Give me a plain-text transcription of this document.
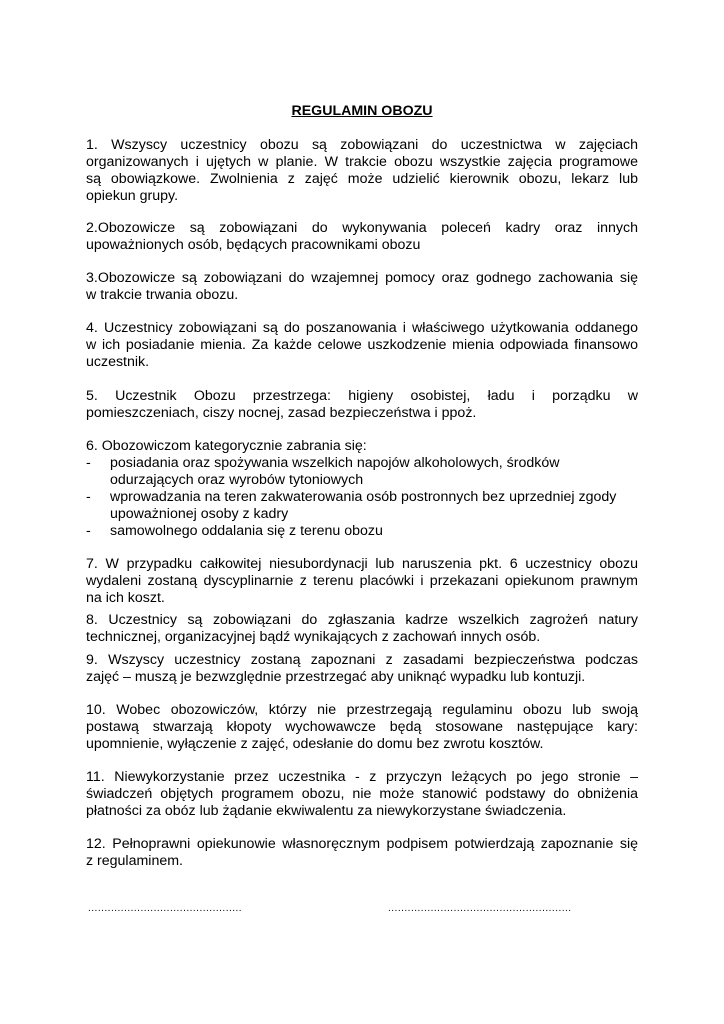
REGULAMIN OBOZU
1. Wszyscy uczestnicy obozu są zobowiązani do uczestnictwa w zajęciach
organizowanych i ujętych w planie. W trakcie obozu wszystkie zajęcia programowe
są obowiązkowe. Zwolnienia z zajęć może udzielić kierownik obozu, lekarz lub
opiekun grupy.
2.Obozowicze są zobowiązani do wykonywania poleceń kadry oraz innych
upoważnionych osób, będących pracownikami obozu
3.Obozowicze są zobowiązani do wzajemnej pomocy oraz godnego zachowania się
w trakcie trwania obozu.
4. Uczestnicy zobowiązani są do poszanowania i właściwego użytkowania oddanego
w ich posiadanie mienia. Za każde celowe uszkodzenie mienia odpowiada finansowo
uczestnik.
5. Uczestnik Obozu przestrzega: higieny osobistej, ładu i porządku w
pomieszczeniach, ciszy nocnej, zasad bezpieczeństwa i ppoż.
6. Obozowiczom kategorycznie zabrania się:
- posiadania oraz spożywania wszelkich napojów alkoholowych, środków
odurzających oraz wyrobów tytoniowych
- wprowadzania na teren zakwaterowania osób postronnych bez uprzedniej zgody
upoważnionej osoby z kadry
- samowolnego oddalania się z terenu obozu
7. W przypadku całkowitej niesubordynacji lub naruszenia pkt. 6 uczestnicy obozu
wydaleni zostaną dyscyplinarnie z terenu placówki i przekazani opiekunom prawnym
na ich koszt.
8. Uczestnicy są zobowiązani do zgłaszania kadrze wszelkich zagrożeń natury
technicznej, organizacyjnej bądź wynikających z zachowań innych osób.
9. Wszyscy uczestnicy zostaną zapoznani z zasadami bezpieczeństwa podczas
zajęć – muszą je bezwzględnie przestrzegać aby uniknąć wypadku lub kontuzji.
10. Wobec obozowiczów, którzy nie przestrzegają regulaminu obozu lub swoją
postawą stwarzają kłopoty wychowawcze będą stosowane następujące kary:
upomnienie, wyłączenie z zajęć, odesłanie do domu bez zwrotu kosztów.
11. Niewykorzystanie przez uczestnika - z przyczyn leżących po jego stronie –
świadczeń objętych programem obozu, nie może stanowić podstawy do obniżenia
płatności za obóz lub żądanie ekwiwalentu za niewykorzystane świadczenia.
12. Pełnoprawni opiekunowie własnoręcznym podpisem potwierdzają zapoznanie się
z regulaminem.
...............................................	........................................................
